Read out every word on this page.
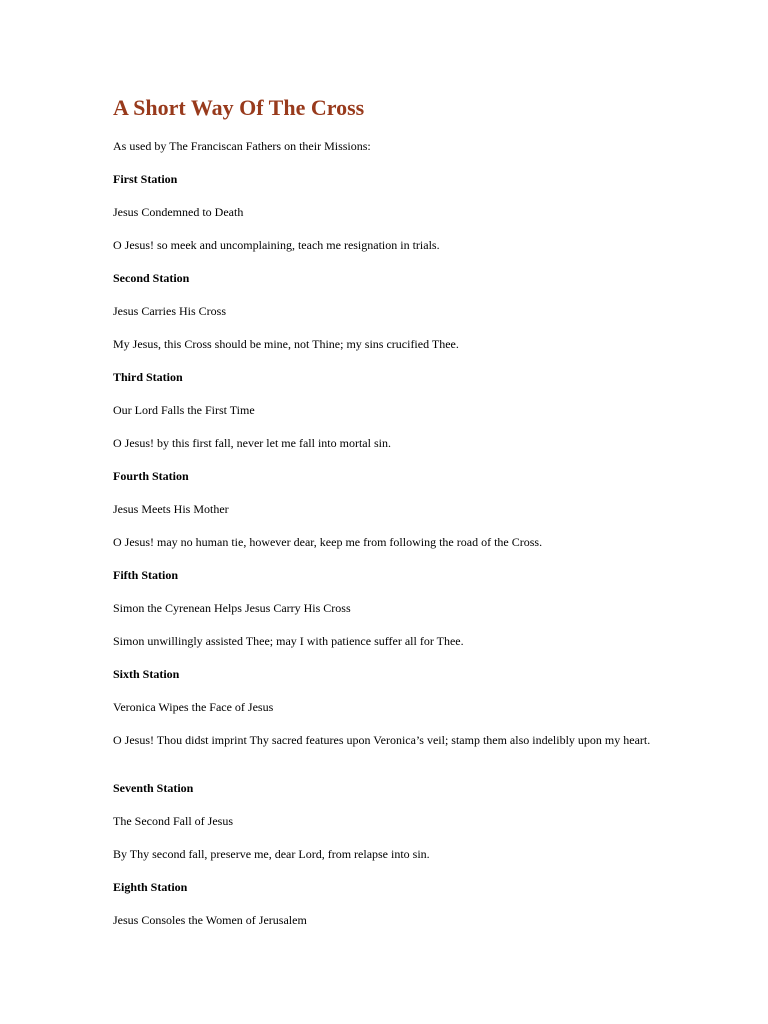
A Short Way Of The Cross

As used by The Franciscan Fathers on their Missions:

First Station

Jesus Condemned to Death

O Jesus! so meek and uncomplaining, teach me resignation in trials.

Second Station

Jesus Carries His Cross

My Jesus, this Cross should be mine, not Thine; my sins crucified Thee.

Third Station

Our Lord Falls the First Time

O Jesus! by this first fall, never let me fall into mortal sin.

Fourth Station

Jesus Meets His Mother

O Jesus! may no human tie, however dear, keep me from following the road of the Cross.

Fifth Station

Simon the Cyrenean Helps Jesus Carry His Cross

Simon unwillingly assisted Thee; may I with patience suffer all for Thee.

Sixth Station

Veronica Wipes the Face of Jesus

O Jesus! Thou didst imprint Thy sacred features upon Veronica’s veil; stamp them also indelibly upon my heart.

Seventh Station

The Second Fall of Jesus

By Thy second fall, preserve me, dear Lord, from relapse into sin.

Eighth Station

Jesus Consoles the Women of Jerusalem
